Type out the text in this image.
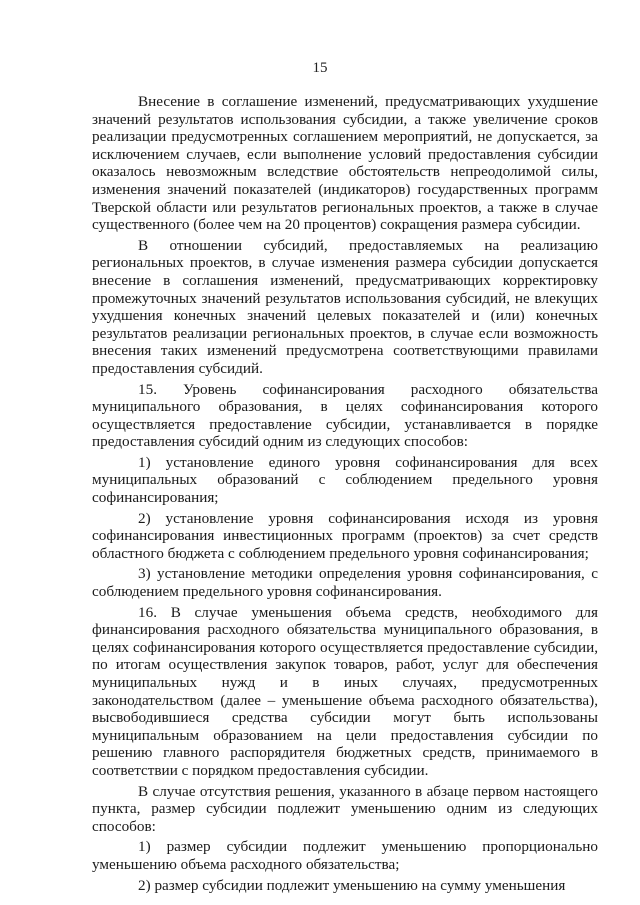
15

Внесение в соглашение изменений, предусматривающих ухудшение значений результатов использования субсидии, а также увеличение сроков реализации предусмотренных соглашением мероприятий, не допускается, за исключением случаев, если выполнение условий предоставления субсидии оказалось невозможным вследствие обстоятельств непреодолимой силы, изменения значений показателей (индикаторов) государственных программ Тверской области или результатов региональных проектов, а также в случае существенного (более чем на 20 процентов) сокращения размера субсидии.

В отношении субсидий, предоставляемых на реализацию региональных проектов, в случае изменения размера субсидии допускается внесение в соглашения изменений, предусматривающих корректировку промежуточных значений результатов использования субсидий, не влекущих ухудшения конечных значений целевых показателей и (или) конечных результатов реализации региональных проектов, в случае если возможность внесения таких изменений предусмотрена соответствующими правилами предоставления субсидий.

15. Уровень софинансирования расходного обязательства муниципального образования, в целях софинансирования которого осуществляется предоставление субсидии, устанавливается в порядке предоставления субсидий одним из следующих способов:

1) установление единого уровня софинансирования для всех муниципальных образований с соблюдением предельного уровня софинансирования;

2) установление уровня софинансирования исходя из уровня софинансирования инвестиционных программ (проектов) за счет средств областного бюджета с соблюдением предельного уровня софинансирования;

3) установление методики определения уровня софинансирования, с соблюдением предельного уровня софинансирования.

16. В случае уменьшения объема средств, необходимого для финансирования расходного обязательства муниципального образования, в целях софинансирования которого осуществляется предоставление субсидии, по итогам осуществления закупок товаров, работ, услуг для обеспечения муниципальных нужд и в иных случаях, предусмотренных законодательством (далее – уменьшение объема расходного обязательства), высвободившиеся средства субсидии могут быть использованы муниципальным образованием на цели предоставления субсидии по решению главного распорядителя бюджетных средств, принимаемого в соответствии с порядком предоставления субсидии.

В случае отсутствия решения, указанного в абзаце первом настоящего пункта, размер субсидии подлежит уменьшению одним из следующих способов:

1) размер субсидии подлежит уменьшению пропорционально уменьшению объема расходного обязательства;

2) размер субсидии подлежит уменьшению на сумму уменьшения
